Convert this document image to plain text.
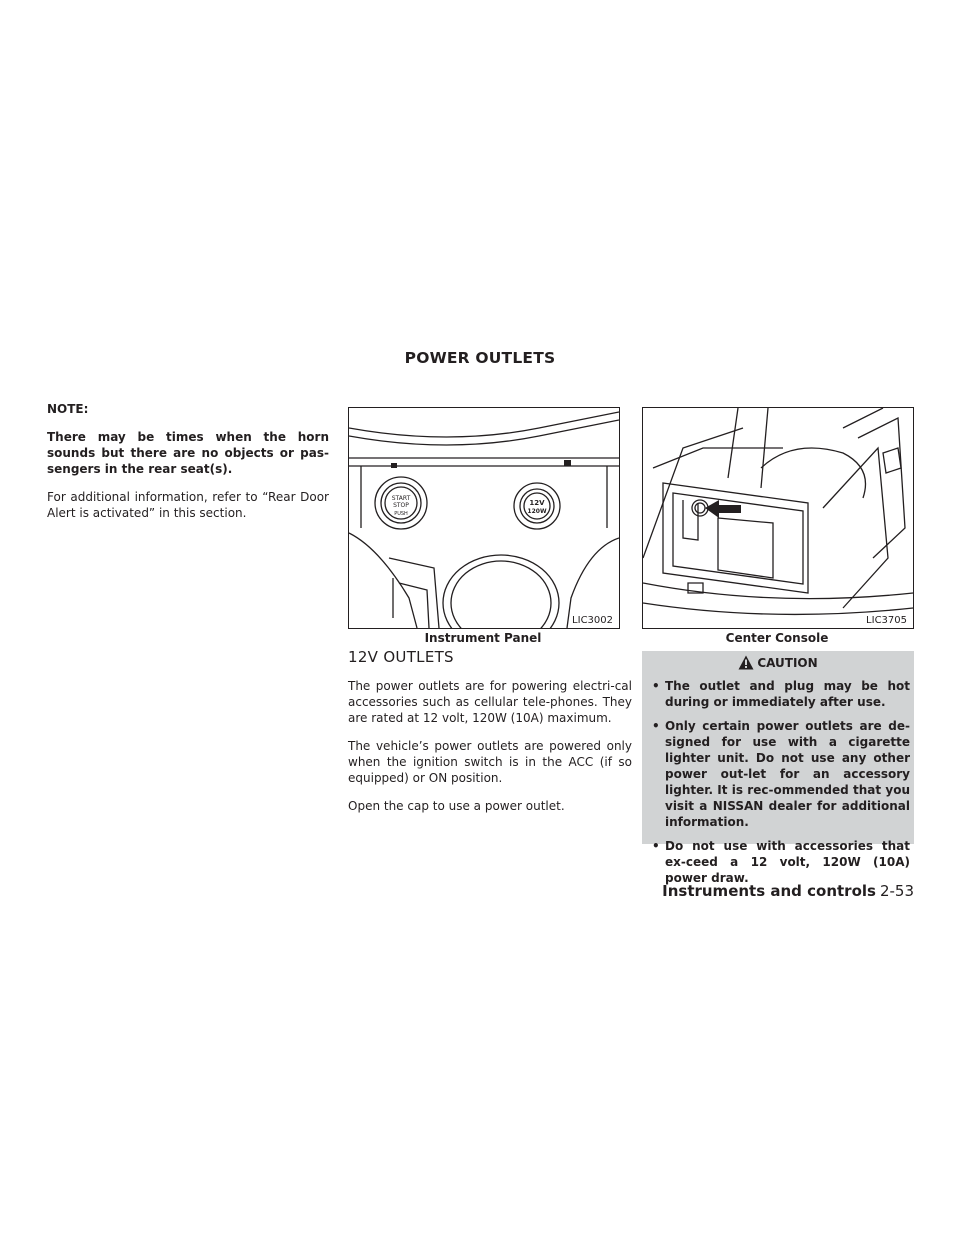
POWER OUTLETS

NOTE:

There may be times when the horn sounds but there are no objects or pas-sengers in the rear seat(s).

For additional information, refer to “Rear Door Alert is activated” in this section.

START
STOP
PUSH
12V
120W
LIC3002
Instrument Panel
LIC3705
Center Console
12V OUTLETS

The power outlets are for powering electri-cal accessories such as cellular tele-phones. They are rated at 12 volt, 120W (10A) maximum.

The vehicle’s power outlets are powered only when the ignition switch is in the ACC (if so equipped) or ON position.

Open the cap to use a power outlet.

CAUTION
• The outlet and plug may be hot during or immediately after use.
• Only certain power outlets are de-signed for use with a cigarette lighter unit. Do not use any other power out-let for an accessory lighter. It is rec-ommended that you visit a NISSAN dealer for additional information.
• Do not use with accessories that ex-ceed a 12 volt, 120W (10A) power draw.
Instruments and controls 2-53
